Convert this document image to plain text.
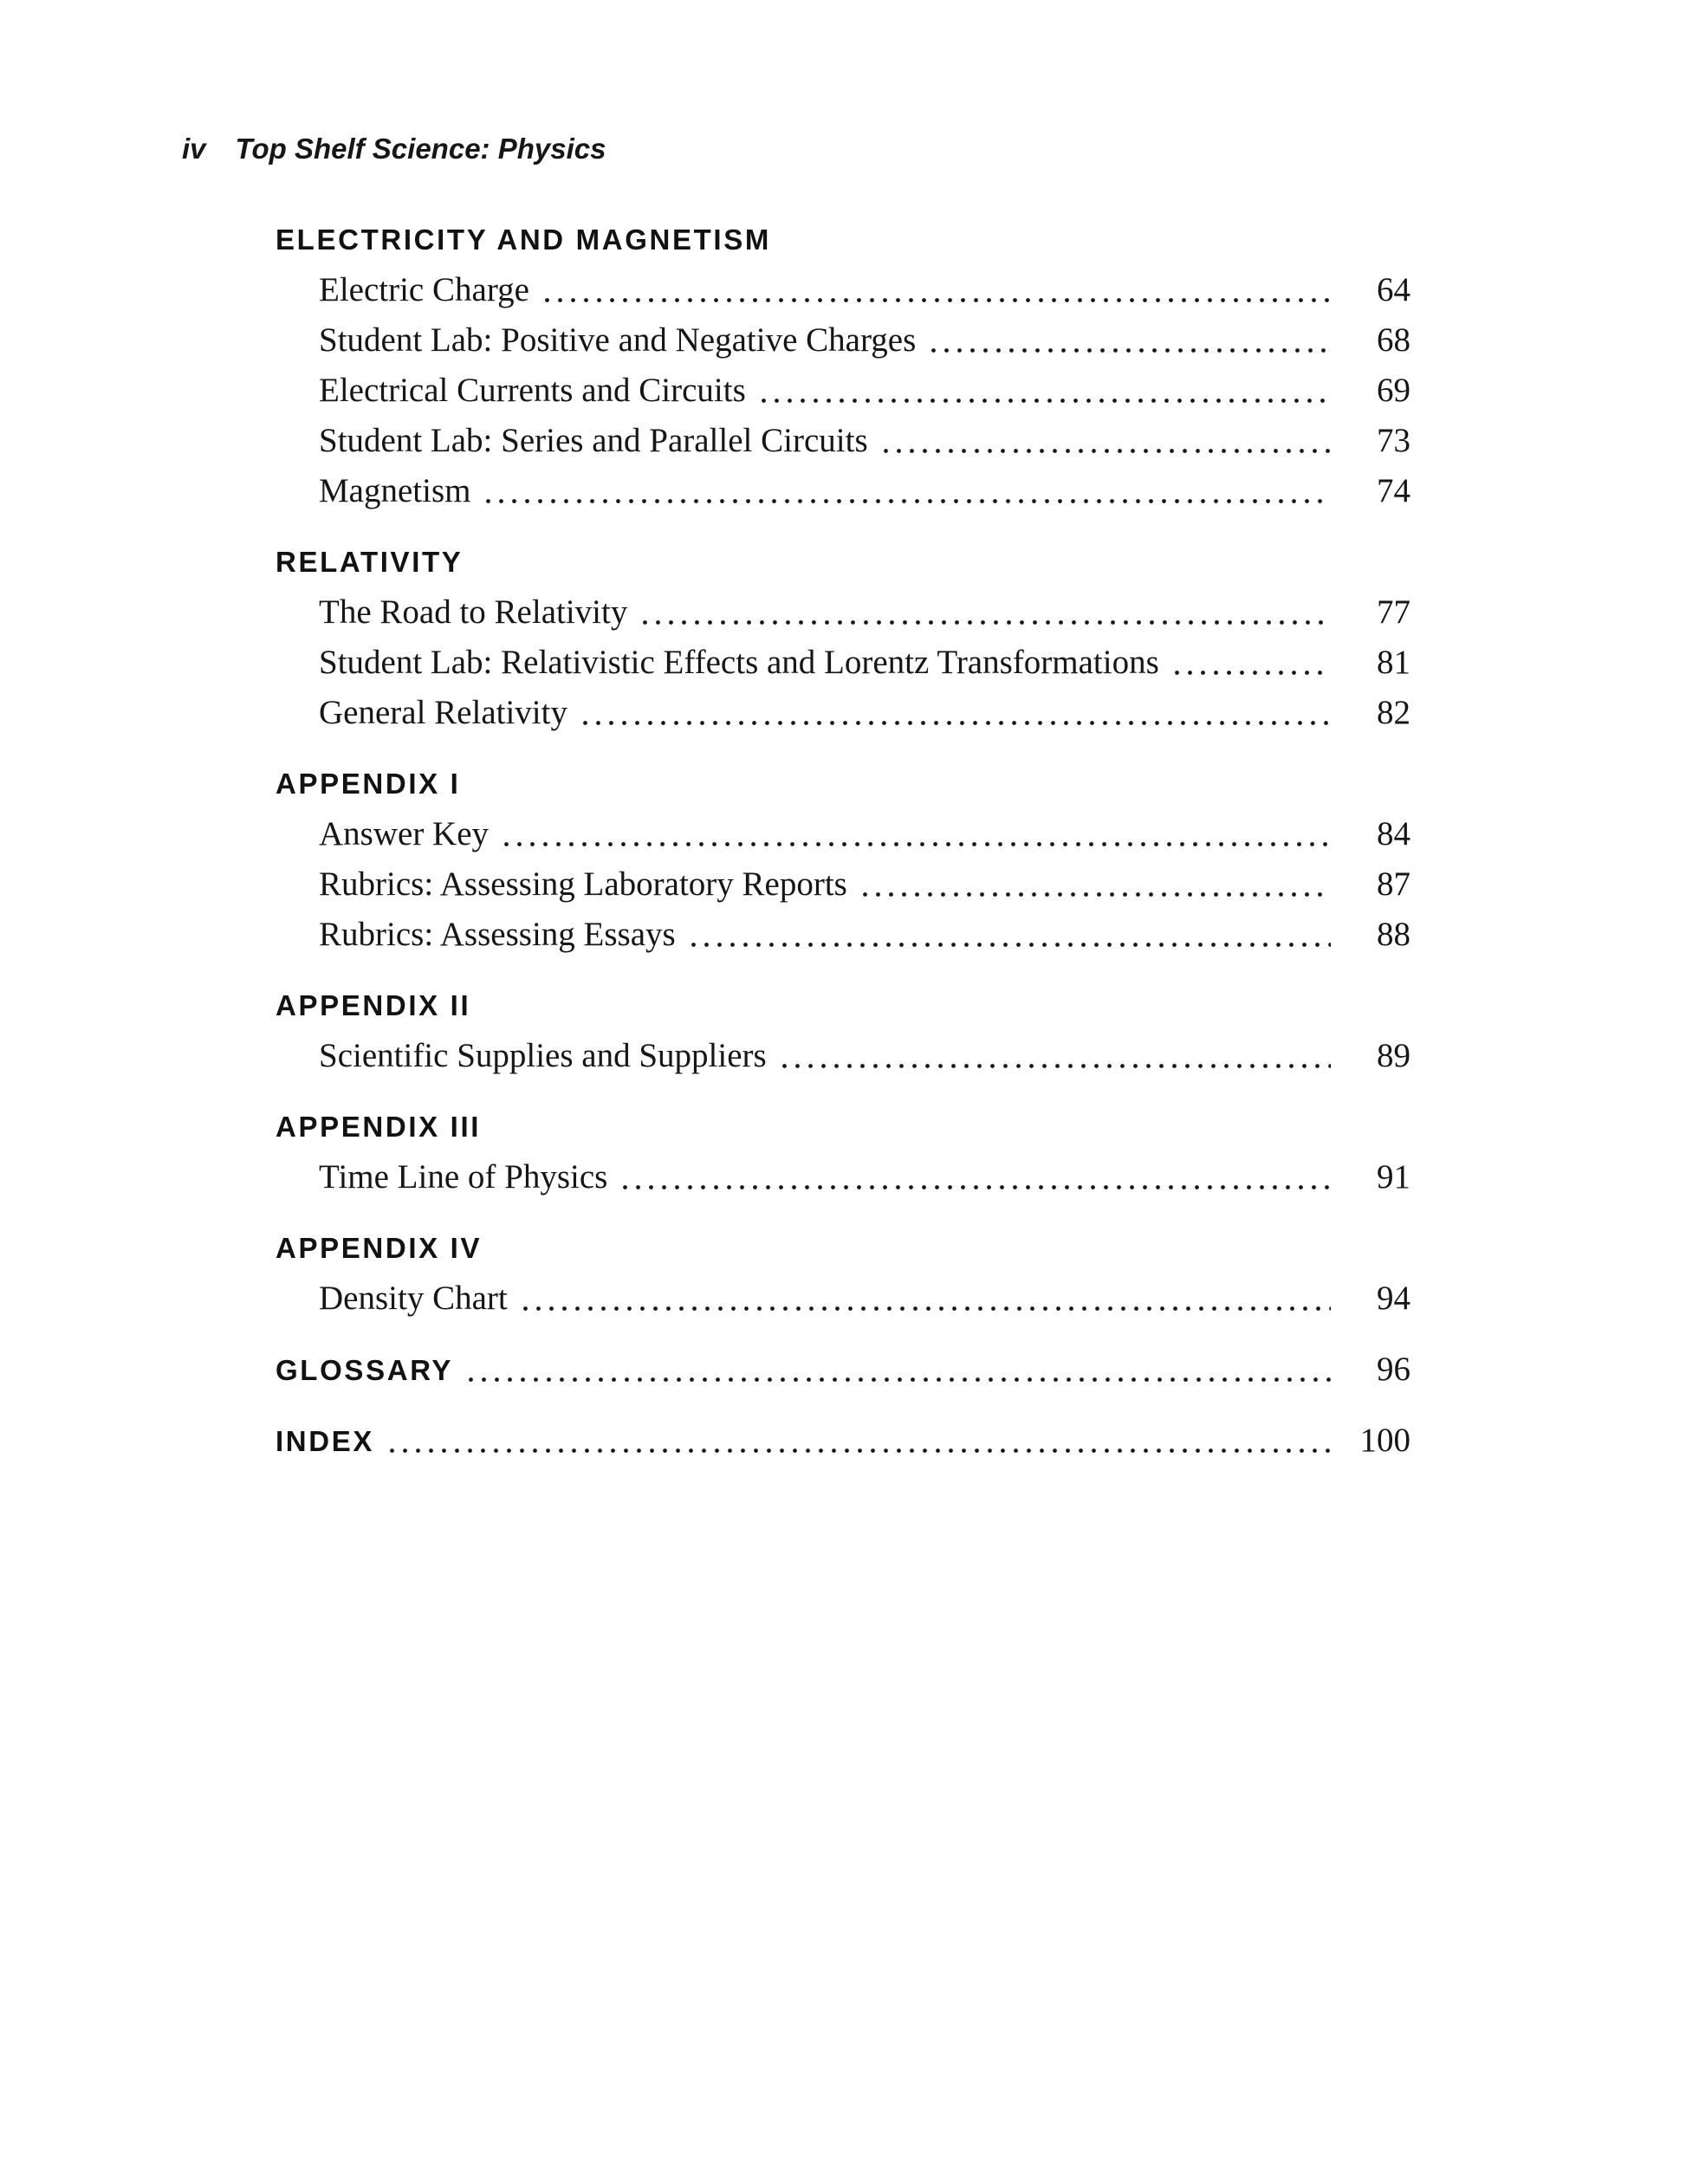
iv Top Shelf Science: Physics
ELECTRICITY AND MAGNETISM
Electric Charge	64
Student Lab: Positive and Negative Charges	68
Electrical Currents and Circuits	69
Student Lab: Series and Parallel Circuits	73
Magnetism	74
RELATIVITY
The Road to Relativity	77
Student Lab: Relativistic Effects and Lorentz Transformations	81
General Relativity	82
APPENDIX I
Answer Key	84
Rubrics: Assessing Laboratory Reports	87
Rubrics: Assessing Essays	88
APPENDIX II
Scientific Supplies and Suppliers	89
APPENDIX III
Time Line of Physics	91
APPENDIX IV
Density Chart	94
GLOSSARY	96
INDEX	100
